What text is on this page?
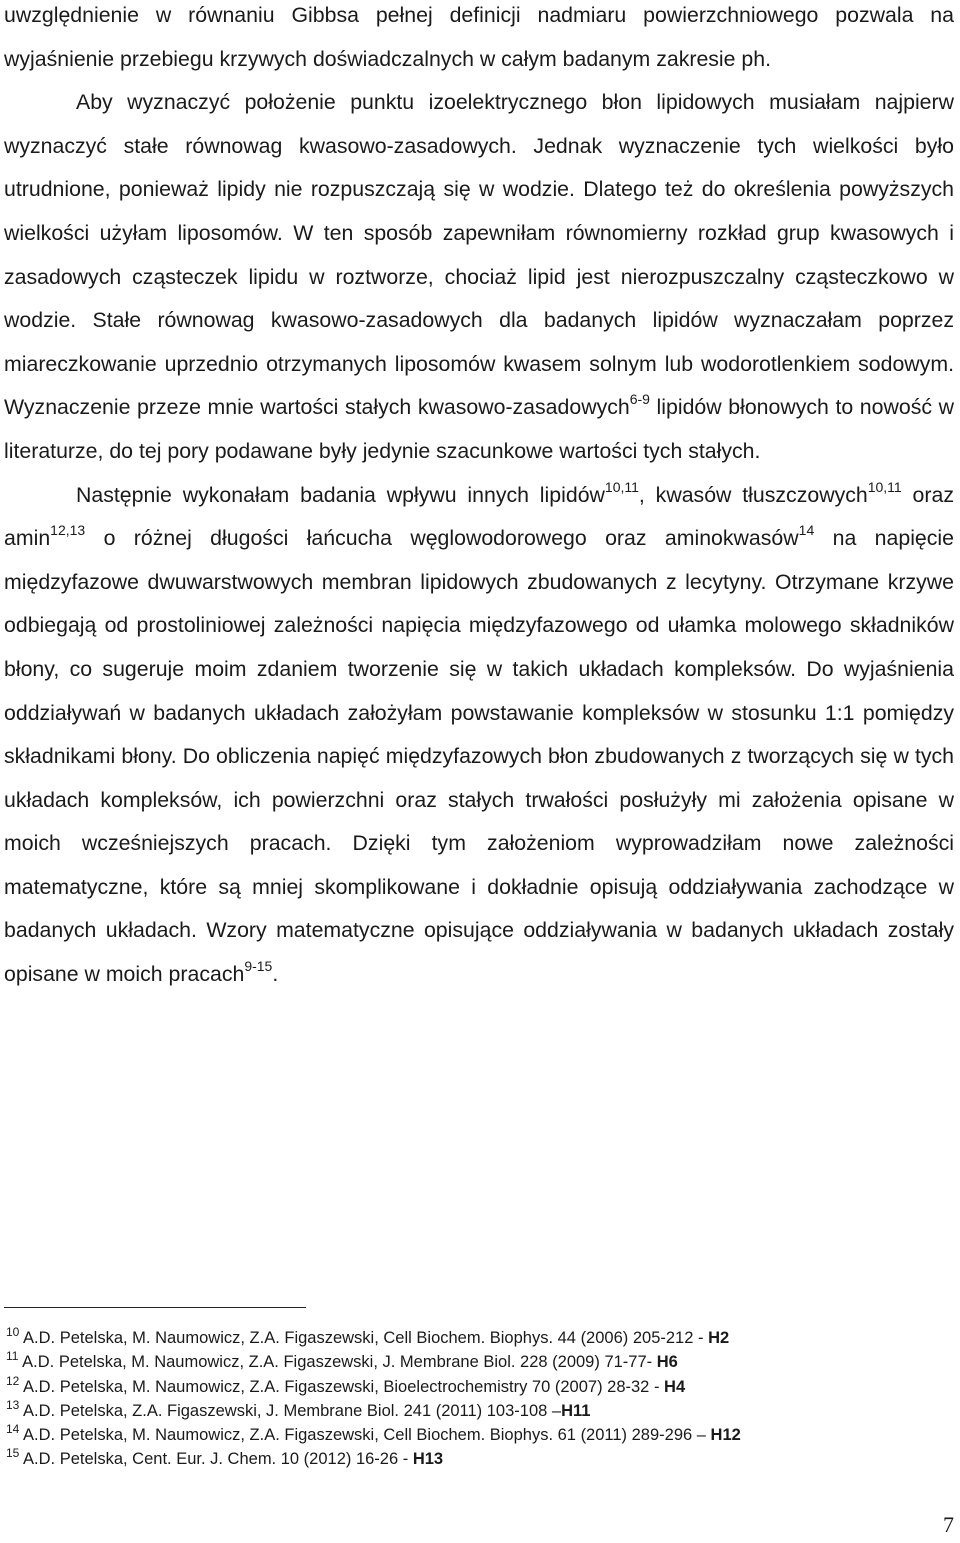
uwzględnienie w równaniu Gibbsa pełnej definicji nadmiaru powierzchniowego pozwala na wyjaśnienie przebiegu krzywych doświadczalnych w całym badanym zakresie ph.

Aby wyznaczyć położenie punktu izoelektrycznego błon lipidowych musiałam najpierw wyznaczyć stałe równowag kwasowo-zasadowych. Jednak wyznaczenie tych wielkości było utrudnione, ponieważ lipidy nie rozpuszczają się w wodzie. Dlatego też do określenia powyższych wielkości użyłam liposomów. W ten sposób zapewniłam równomierny rozkład grup kwasowych i zasadowych cząsteczek lipidu w roztworze, chociaż lipid jest nierozpuszczalny cząsteczkowo w wodzie. Stałe równowag kwasowo-zasadowych dla badanych lipidów wyznaczałam poprzez miareczkowanie uprzednio otrzymanych liposomów kwasem solnym lub wodorotlenkiem sodowym. Wyznaczenie przeze mnie wartości stałych kwasowo-zasadowych$^{6-9}$ lipidów błonowych to nowość w literaturze, do tej pory podawane były jedynie szacunkowe wartości tych stałych.

Następnie wykonałam badania wpływu innych lipidów$^{10,11}$, kwasów tłuszczowych$^{10,11}$ oraz amin$^{12,13}$ o różnej długości łańcucha węglowodorowego oraz aminokwasów$^{14}$ na napięcie międzyfazowe dwuwarstwowych membran lipidowych zbudowanych z lecytyny. Otrzymane krzywe odbiegają od prostoliniowej zależności napięcia międzyfazowego od ułamka molowego składników błony, co sugeruje moim zdaniem tworzenie się w takich układach kompleksów. Do wyjaśnienia oddziaływań w badanych układach założyłam powstawanie kompleksów w stosunku 1:1 pomiędzy składnikami błony. Do obliczenia napięć międzyfazowych błon zbudowanych z tworzących się w tych układach kompleksów, ich powierzchni oraz stałych trwałości posłużyły mi założenia opisane w moich wcześniejszych pracach. Dzięki tym założeniom wyprowadziłam nowe zależności matematyczne, które są mniej skomplikowane i dokładnie opisują oddziaływania zachodzące w badanych układach. Wzory matematyczne opisujące oddziaływania w badanych układach zostały opisane w moich pracach$^{9-15}$.

$^{10}$ A.D. Petelska, M. Naumowicz, Z.A. Figaszewski, Cell Biochem. Biophys. 44 (2006) 205-212 - H2
$^{11}$ A.D. Petelska, M. Naumowicz, Z.A. Figaszewski, J. Membrane Biol. 228 (2009) 71-77- H6
$^{12}$ A.D. Petelska, M. Naumowicz, Z.A. Figaszewski, Bioelectrochemistry 70 (2007) 28-32 - H4
$^{13}$ A.D. Petelska, Z.A. Figaszewski, J. Membrane Biol. 241 (2011) 103-108 –H11
$^{14}$ A.D. Petelska, M. Naumowicz, Z.A. Figaszewski, Cell Biochem. Biophys. 61 (2011) 289-296 – H12
$^{15}$ A.D. Petelska, Cent. Eur. J. Chem. 10 (2012) 16-26 - H13
7
